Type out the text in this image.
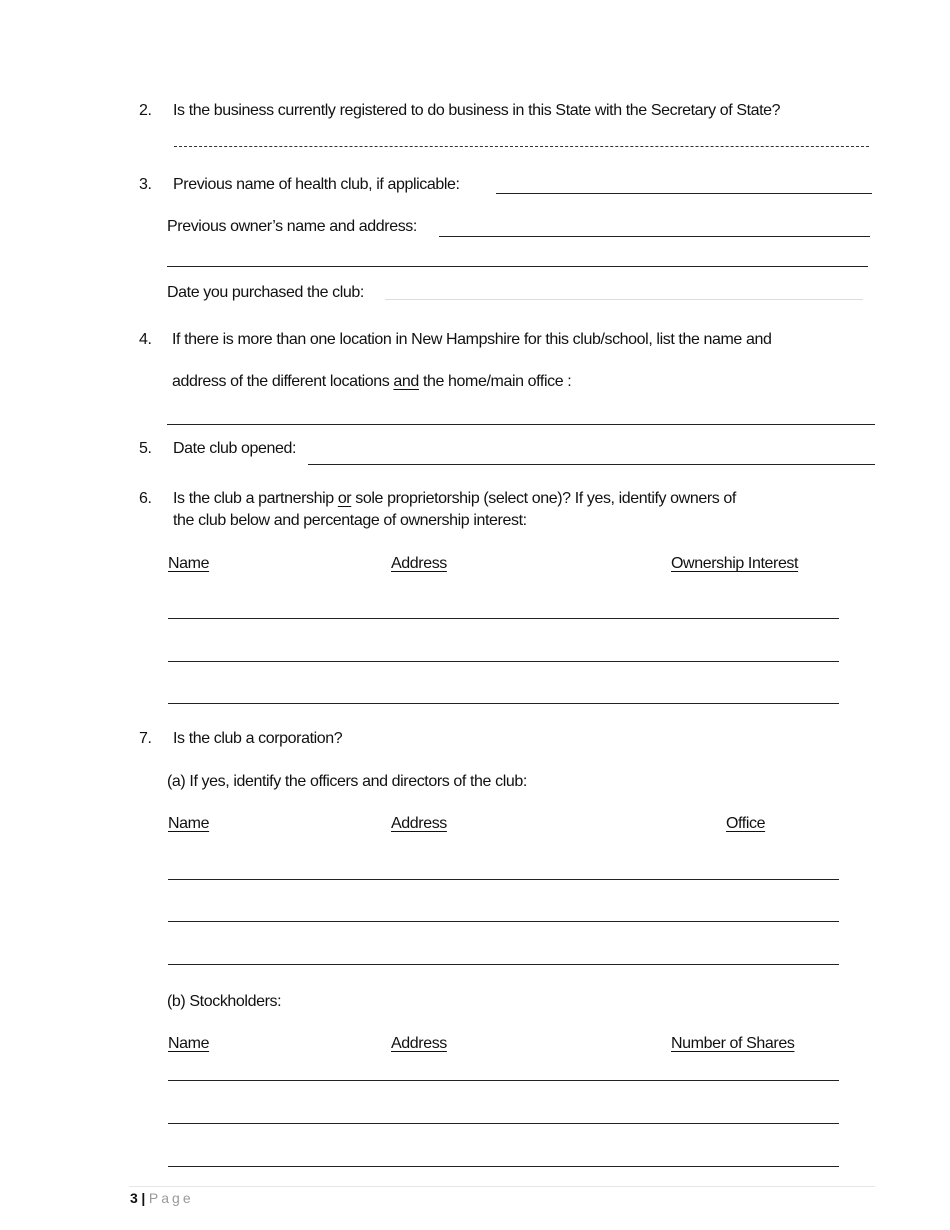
2. Is the business currently registered to do business in this State with the Secretary of State?
3. Previous name of health club, if applicable:
Previous owner’s name and address:
Date you purchased the club:
4. If there is more than one location in New Hampshire for this club/school, list the name and
address of the different locations and the home/main office :
5. Date club opened:
6. Is the club a partnership or sole proprietorship (select one)? If yes, identify owners of
the club below and percentage of ownership interest:
Name	Address	Ownership Interest
7. Is the club a corporation?
(a) If yes, identify the officers and directors of the club:
Name	Address	Office
(b) Stockholders:
Name	Address	Number of Shares
3 | Page
